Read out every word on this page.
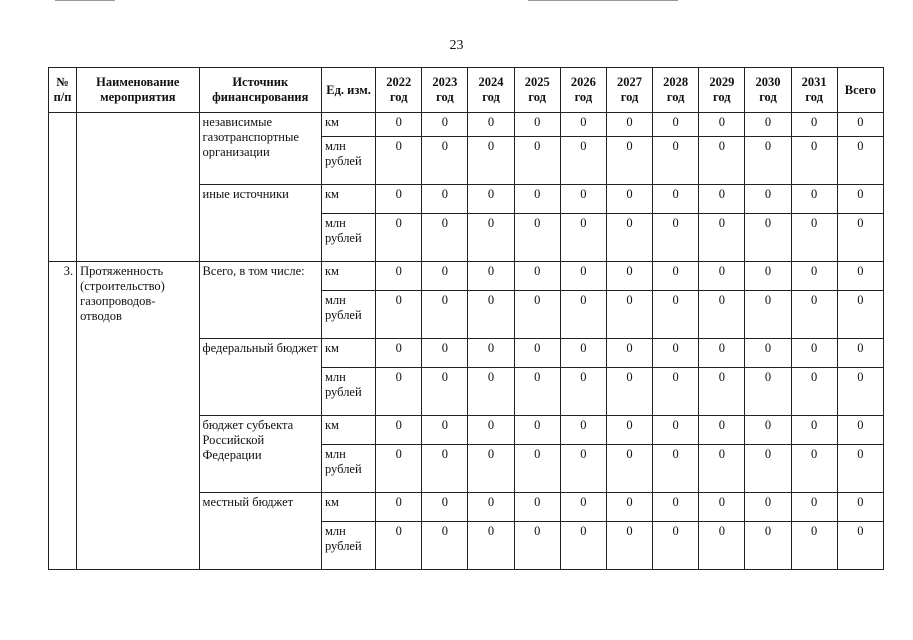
23
№ п/п	Наименование мероприятия	Источник финансирования	Ед. изм.	2022 год	2023 год	2024 год	2025 год	2026 год	2027 год	2028 год	2029 год	2030 год	2031 год	Всего
		независимые газотранспортные организации	км	0	0	0	0	0	0	0	0	0	0	0
			млн рублей	0	0	0	0	0	0	0	0	0	0	0
		иные источники	км	0	0	0	0	0	0	0	0	0	0	0
			млн рублей	0	0	0	0	0	0	0	0	0	0	0
3.	Протяженность (строительство) газопроводов-отводов	Всего, в том числе:	км	0	0	0	0	0	0	0	0	0	0	0
			млн рублей	0	0	0	0	0	0	0	0	0	0	0
		федеральный бюджет	км	0	0	0	0	0	0	0	0	0	0	0
			млн рублей	0	0	0	0	0	0	0	0	0	0	0
		бюджет субъекта Российской Федерации	км	0	0	0	0	0	0	0	0	0	0	0
			млн рублей	0	0	0	0	0	0	0	0	0	0	0
		местный бюджет	км	0	0	0	0	0	0	0	0	0	0	0
			млн рублей	0	0	0	0	0	0	0	0	0	0	0
